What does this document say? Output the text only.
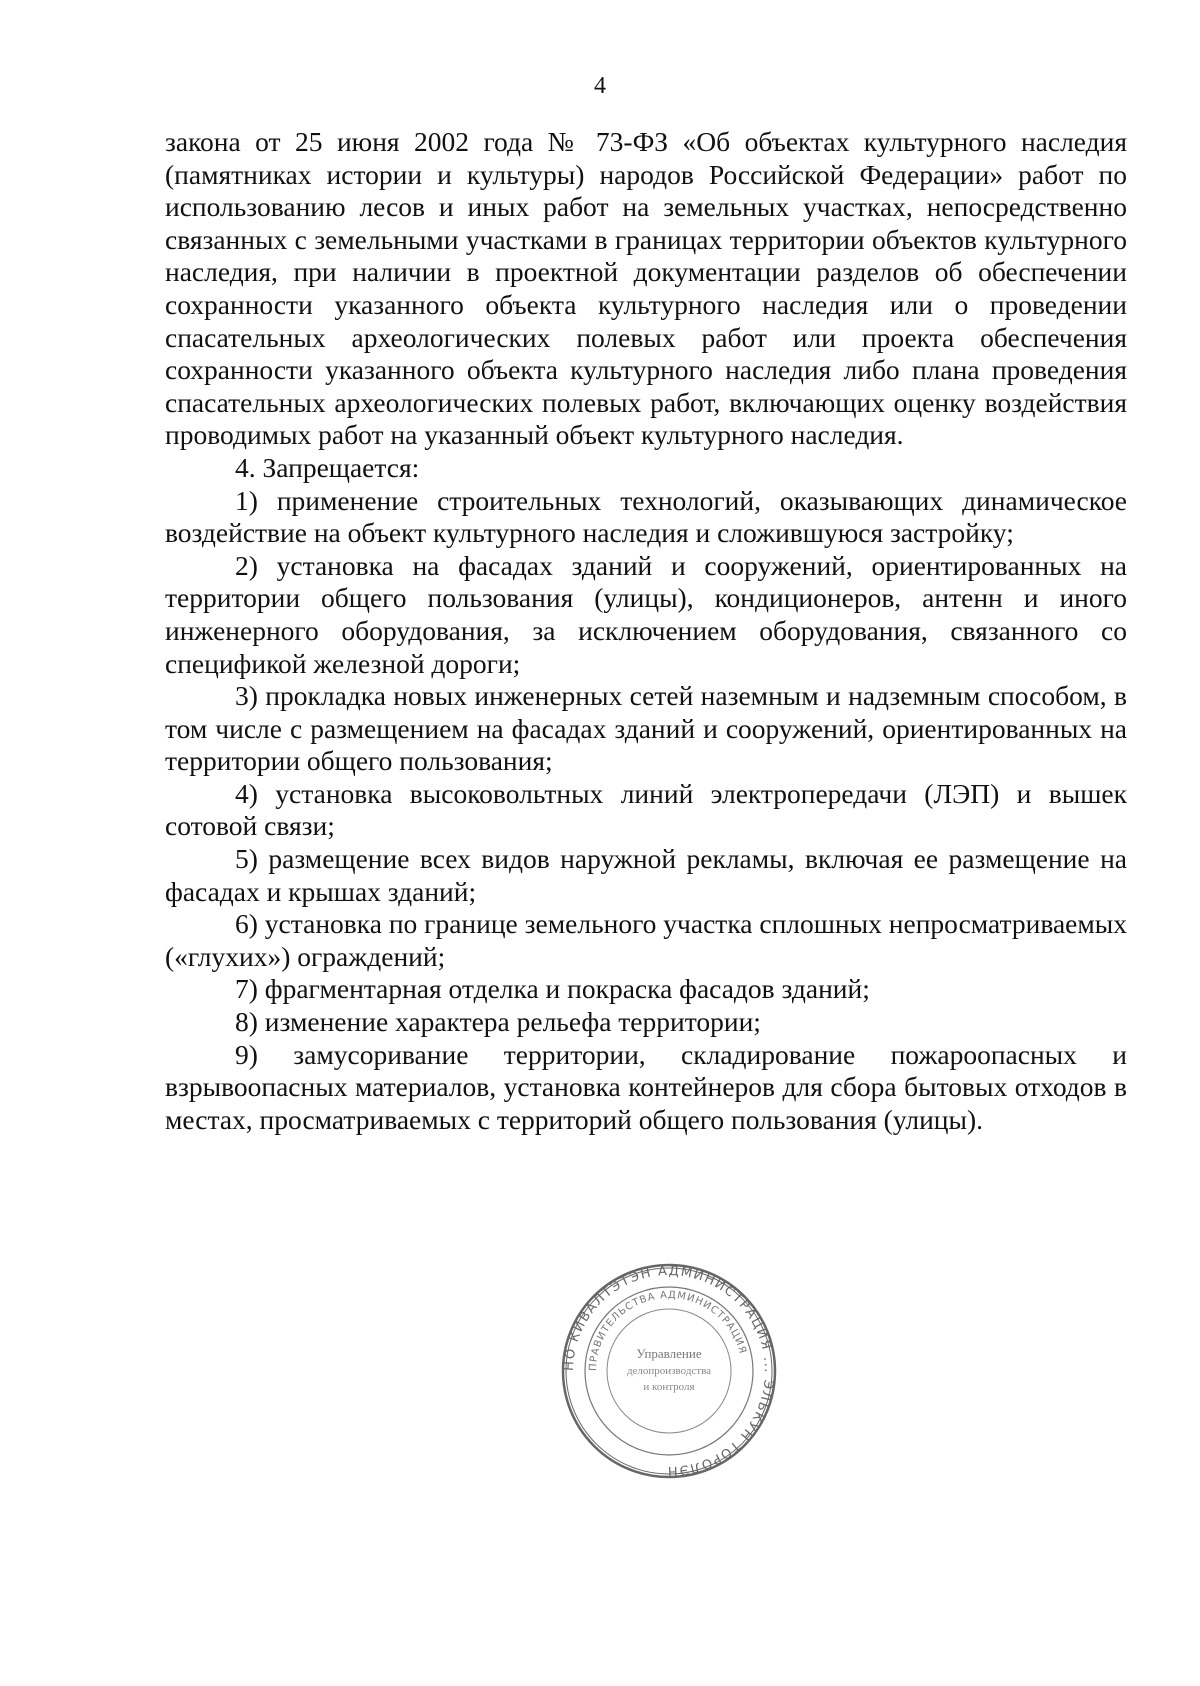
4

закона от 25 июня 2002 года № 73-ФЗ «Об объектах культурного наследия (памятниках истории и культуры) народов Российской Федерации» работ по использованию лесов и иных работ на земельных участках, непосредственно связанных с земельными участками в границах территории объектов культурного наследия, при наличии в проектной документации разделов об обеспечении сохранности указанного объекта культурного наследия или о проведении спасательных археологических полевых работ или проекта обеспечения сохранности указанного объекта культурного наследия либо плана проведения спасательных археологических полевых работ, включающих оценку воздействия проводимых работ на указанный объект культурного наследия.

4. Запрещается:

1) применение строительных технологий, оказывающих динамическое воздействие на объект культурного наследия и сложившуюся застройку;

2) установка на фасадах зданий и сооружений, ориентированных на территории общего пользования (улицы), кондиционеров, антенн и иного инженерного оборудования, за исключением оборудования, связанного со спецификой железной дороги;

3) прокладка новых инженерных сетей наземным и надземным способом, в том числе с размещением на фасадах зданий и сооружений, ориентированных на территории общего пользования;

4) установка высоковольтных линий электропередачи (ЛЭП) и вышек сотовой связи;

5) размещение всех видов наружной рекламы, включая ее размещение на фасадах и крышах зданий;

6) установка по границе земельного участка сплошных непросматриваемых («глухих») ограждений;

7) фрагментарная отделка и покраска фасадов зданий;

8) изменение характера рельефа территории;

9) замусоривание территории, складирование пожароопасных и взрывоопасных материалов, установка контейнеров для сбора бытовых отходов в местах, просматриваемых с территорий общего пользования (улицы).

НО КИВАЛТЭТЭН АДМИНИСТРАЦИЯ ... ЭЛЬКУН ТОРОЛЭН
ПРАВИТЕЛЬСТВА АДМИНИСТРАЦИЯ
Управление
делопроизводства
и контроля
